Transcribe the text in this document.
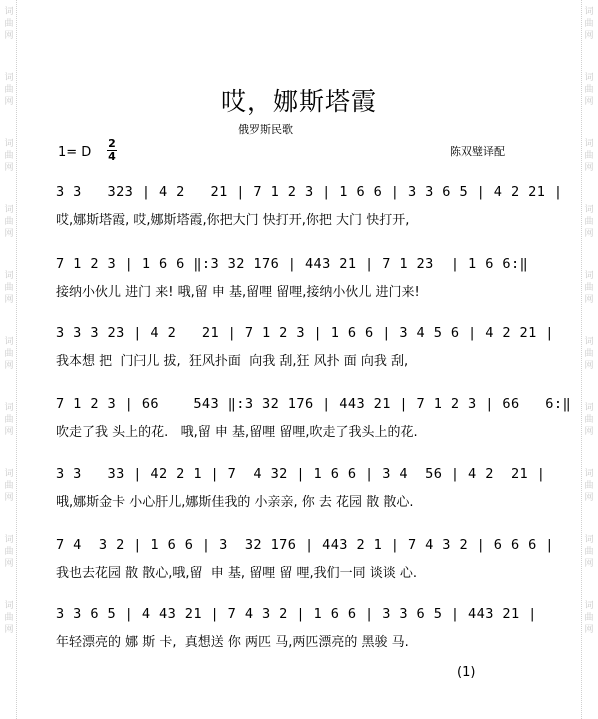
词
曲
网
词
曲
网
词
曲
网
词
曲
网
词
曲
网
词
曲
网
词
曲
网
词
曲
网
词
曲
网
词
曲
网
词
曲
网
词
曲
网
词
曲
网
词
曲
网
词
曲
网
词
曲
网
词
曲
网
词
曲
网
词
曲
网
词
曲
网
哎，娜斯塔霞
俄罗斯民歌
1= D
2
4	陈双璧译配
3 3   323 | 4 2   21 | 7 1 2 3 | 1 6 6 | 3 3 6 5 | 4 2 21 |
哎,娜斯塔霞, 哎,娜斯塔霞,你把大门 快打开,你把 大门 快打开,
7 1 2 3 | 1 6 6 ‖:3 32 176 | 443 21 | 7 1 23  | 1 6 6:‖
接纳小伙儿 进门 来! 哦,留 申 基,留哩 留哩,接纳小伙儿 进门来!
3 3 3 23 | 4 2   21 | 7 1 2 3 | 1 6 6 | 3 4 5 6 | 4 2 21 |
我本想 把  门闩儿 拔,  狂风扑面  向我 刮,狂 风扑 面 向我 刮,
7 1 2 3 | 66    543 ‖:3 32 176 | 443 21 | 7 1 2 3 | 66   6:‖
吹走了我 头上的花.   哦,留 申 基,留哩 留哩,吹走了我头上的花.
3 3   33 | 42 2 1 | 7  4 32 | 1 6 6 | 3 4  56 | 4 2  21 |
哦,娜斯金卡 小心肝儿,娜斯佳我的 小亲亲, 你 去 花园 散 散心.
7 4  3 2 | 1 6 6 | 3  32 176 | 443 2 1 | 7 4 3 2 | 6 6 6 |
我也去花园 散 散心,哦,留  申 基, 留哩 留 哩,我们一同 谈谈 心.
3 3 6 5 | 4 43 21 | 7 4 3 2 | 1 6 6 | 3 3 6 5 | 443 21 |
年轻漂亮的 娜 斯 卡,  真想送 你 两匹 马,两匹漂亮的 黑骏 马.
(1)
